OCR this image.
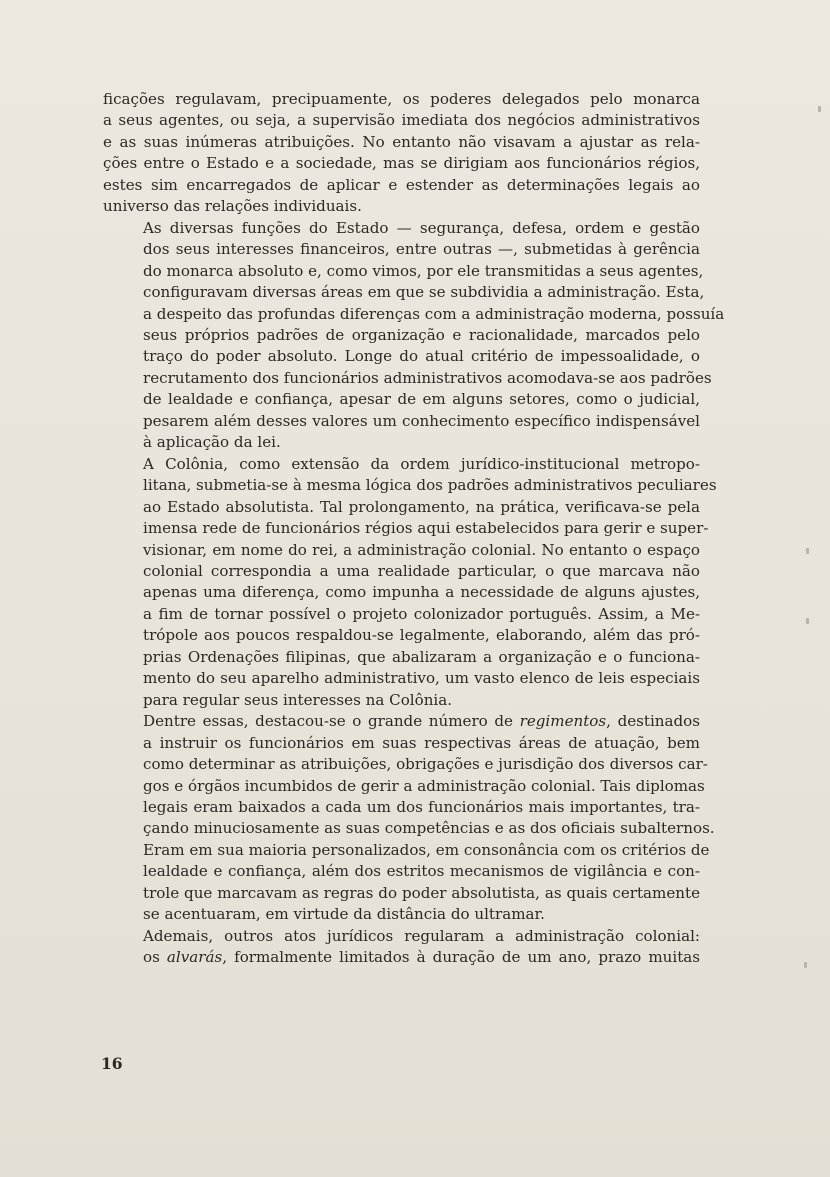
ficações regulavam, precipuamente, os poderes delegados pelo monarca
a seus agentes, ou seja, a supervisão imediata dos negócios administrativos
e as suas inúmeras atribuições. No entanto não visavam a ajustar as rela-
ções entre o Estado e a sociedade, mas se dirigiam aos funcionários régios,
estes sim encarregados de aplicar e estender as determinações legais ao
universo das relações individuais.

As diversas funções do Estado — segurança, defesa, ordem e gestão
dos seus interesses financeiros, entre outras —, submetidas à gerência
do monarca absoluto e, como vimos, por ele transmitidas a seus agentes,
configuravam diversas áreas em que se subdividia a administração. Esta,
a despeito das profundas diferenças com a administração moderna, possuía
seus próprios padrões de organização e racionalidade, marcados pelo
traço do poder absoluto. Longe do atual critério de impessoalidade, o
recrutamento dos funcionários administrativos acomodava-se aos padrões
de lealdade e confiança, apesar de em alguns setores, como o judicial,
pesarem além desses valores um conhecimento específico indispensável
à aplicação da lei.

A Colônia, como extensão da ordem jurídico-institucional metropo-
litana, submetia-se à mesma lógica dos padrões administrativos peculiares
ao Estado absolutista. Tal prolongamento, na prática, verificava-se pela
imensa rede de funcionários régios aqui estabelecidos para gerir e super-
visionar, em nome do rei, a administração colonial. No entanto o espaço
colonial correspondia a uma realidade particular, o que marcava não
apenas uma diferença, como impunha a necessidade de alguns ajustes,
a fim de tornar possível o projeto colonizador português. Assim, a Me-
trópole aos poucos respaldou-se legalmente, elaborando, além das pró-
prias Ordenações filipinas, que abalizaram a organização e o funciona-
mento do seu aparelho administrativo, um vasto elenco de leis especiais
para regular seus interesses na Colônia.

Dentre essas, destacou-se o grande número de regimentos, destinados
a instruir os funcionários em suas respectivas áreas de atuação, bem
como determinar as atribuições, obrigações e jurisdição dos diversos car-
gos e órgãos incumbidos de gerir a administração colonial. Tais diplomas
legais eram baixados a cada um dos funcionários mais importantes, tra-
çando minuciosamente as suas competências e as dos oficiais subalternos.
Eram em sua maioria personalizados, em consonância com os critérios de
lealdade e confiança, além dos estritos mecanismos de vigilância e con-
trole que marcavam as regras do poder absolutista, as quais certamente
se acentuaram, em virtude da distância do ultramar.

Ademais, outros atos jurídicos regularam a administração colonial:
os alvarás, formalmente limitados à duração de um ano, prazo muitas

16
